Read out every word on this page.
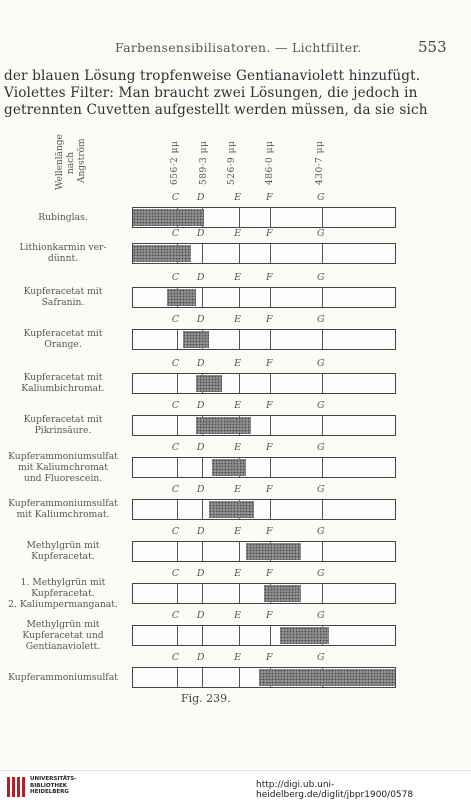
Farbensensibilisatoren. — Lichtfilter.	553
der blauen Lösung tropfenweise Gentianaviolett hinzufügt.
Violettes Filter: Man braucht zwei Lösungen, die jedoch in
getrennten Cuvetten aufgestellt werden müssen, da sie sich
Wellenlänge nach Angström	656·2 μμ 589·3 μμ 526·9 μμ	486·0 μμ	430·7 μμ
C D	E	F	G
Rubinglas.
C D	E	F	G
Lithionkarmin ver-
dünnt.
C D	E	F	G
Kupferacetat mit
Safranin.
C D	E	F	G
Kupferacetat mit
Orange.
C D	E	F	G
Kupferacetat mit
Kaliumbichromat.
C D	E	F	G
Kupferacetat mit
Pikrinsäure.
C D	E	F	G
Kupferammoniumsulfat
mit Kaliumchromat
und Fluorescein.
C D	E	F	G
Kupferammoniumsulfat
mit Kaliumchromat.
C D	E	F	G
Methylgrün mit
Kupferacetat.
C D	E	F	G
1. Methylgrün mit
Kupferacetat.
2. Kaliumpermanganat.
C D	E	F	G
Methylgrün mit
Kupferacetat und
Gentianaviolett.
C D	E	F	G
Kupferammoniumsulfat
Fig. 239.
UNIVERSITÄTS-
BIBLIOTHEK
HEIDELBERG
http://digi.ub.uni-heidelberg.de/diglit/jbpr1900/0578
